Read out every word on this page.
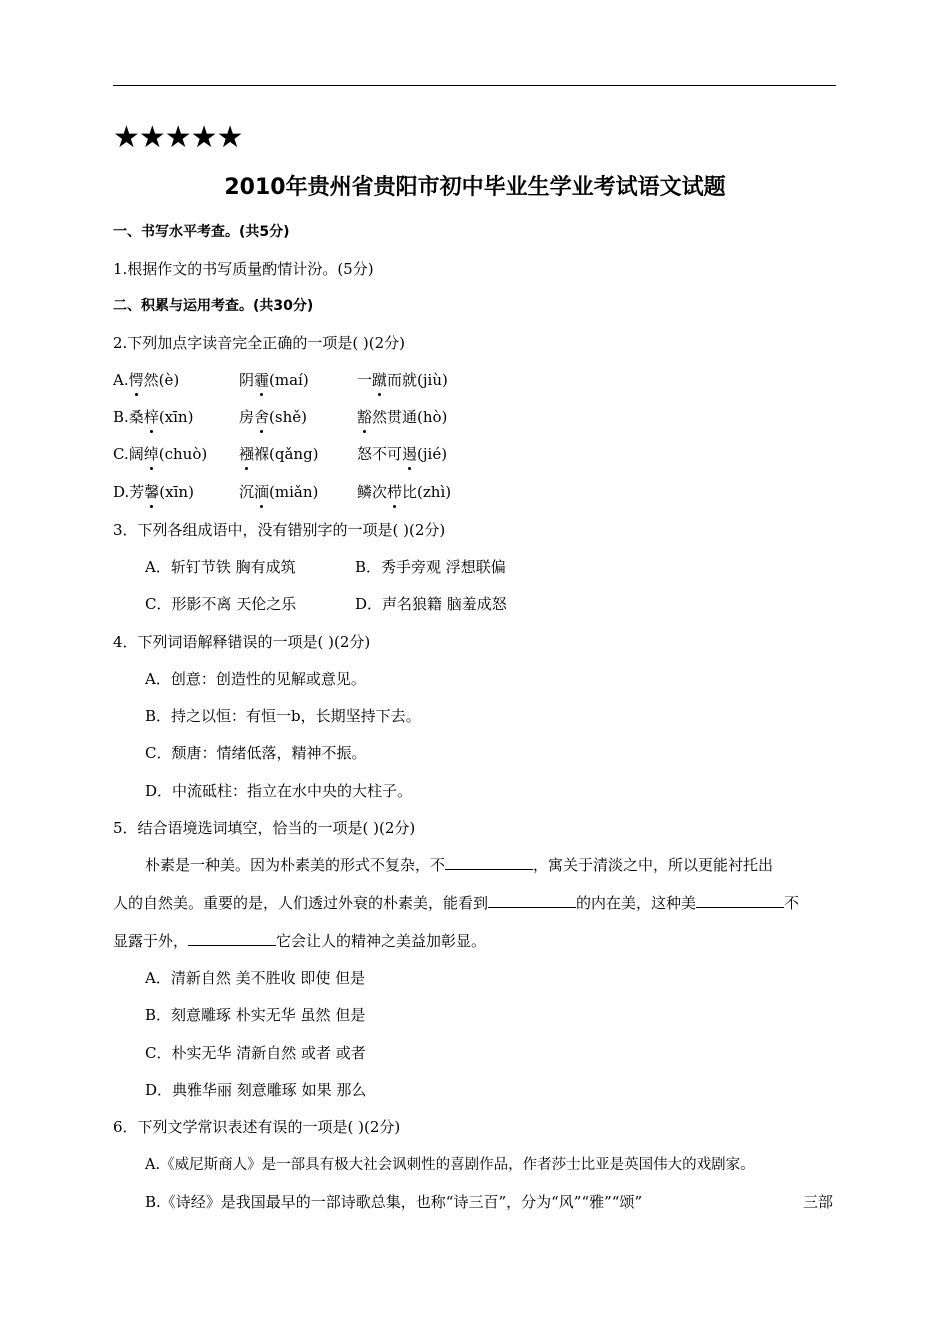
★★★★★
2010年贵州省贵阳市初中毕业生学业考试语文试题
一、书写水平考查。(共5分)
1.根据作文的书写质量酌情计汾。(5分)
二、积累与运用考查。(共30分)
2.下列加点字读音完全正确的一项是( )(2分)
A.愕然(è)	阴霾(maí)	一蹴而就(jiù)
B.桑梓(xīn)	房舍(shě)	豁然贯通(hò)
C.阔绰(chuò) 襁褓(qǎng)	怒不可遏(jié)
D.芳馨(xīn)	沉湎(miǎn)	鳞次栉比(zhì)
3．下列各组成语中，没有错别字的一项是( )(2分)
A．斩钉节铁 胸有成筑	B．秀手旁观 浮想联偏
C．形影不离 天伦之乐	D．声名狼籍 脑羞成怒
4．下列词语解释错误的一项是( )(2分)
A．创意：创造性的见解或意见。
B．持之以恒：有恒一b，长期坚持下去。
C．颓唐：情绪低落，精神不振。
D．中流砥柱：指立在水中央的大柱子。
5．结合语境选词填空，恰当的一项是( )(2分)
朴素是一种美。因为朴素美的形式不复杂，不	，寓关于清淡之中，所以更能衬托出
人的自然美。重要的是，人们透过外衰的朴素美，能看到	的内在美，这种美	不
显露于外，	它会让人的精神之美益加彰显。
A．清新自然 美不胜收 即使 但是
B．刻意雕琢 朴实无华 虽然 但是
C．朴实无华 清新自然 或者 或者
D．典雅华丽 刻意雕琢 如果 那么
6．下列文学常识表述有误的一项是( )(2分)
A.《威尼斯商人》是一部具有极大社会讽刺性的喜剧作品，作者莎士比亚是英国伟大的戏剧家。
B.《诗经》是我国最早的一部诗歌总集，也称“诗三百”，分为“风”“雅”“颂”	三部
